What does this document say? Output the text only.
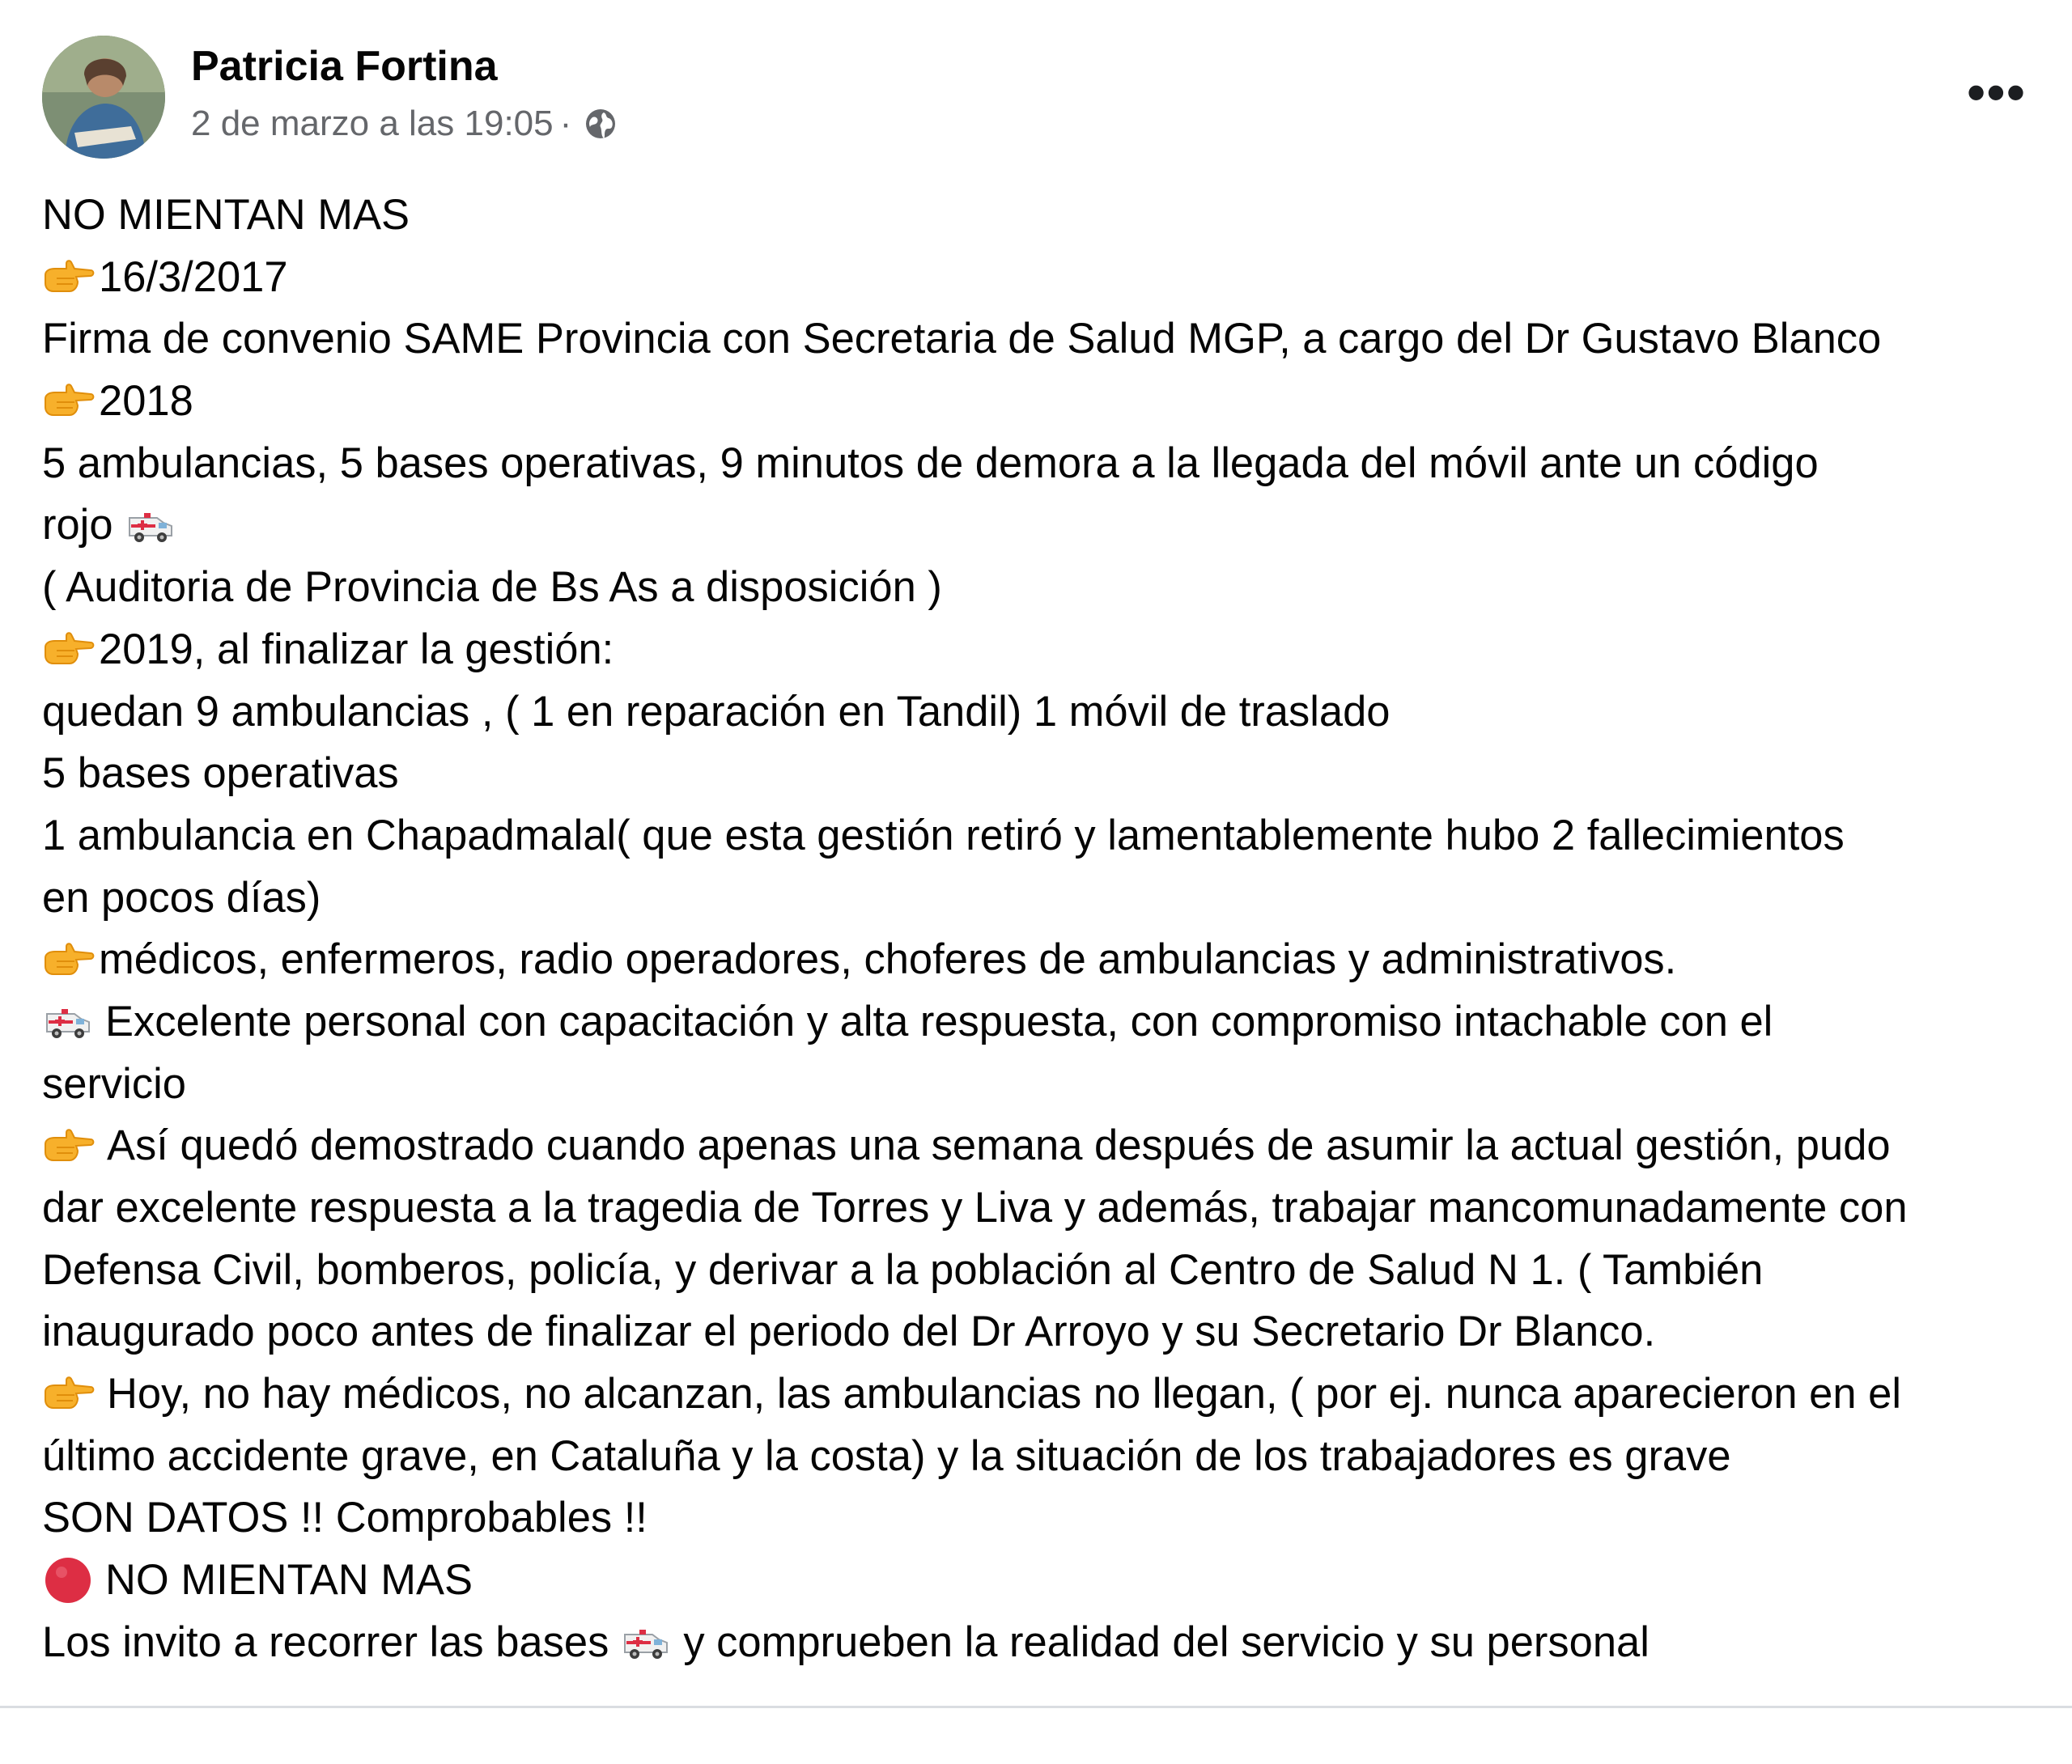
Patricia Fortina
2 de marzo a las 19:05 ·
•••
NO MIENTAN MAS
16/3/2017
Firma de convenio SAME Provincia con Secretaria de Salud MGP, a cargo del Dr Gustavo Blanco
2018
5 ambulancias, 5 bases operativas, 9 minutos de demora a la llegada del móvil ante un código
rojo
( Auditoria de Provincia de Bs As a disposición )
2019, al finalizar la gestión:
quedan 9 ambulancias , ( 1 en reparación en Tandil) 1 móvil de traslado
5 bases operativas
1 ambulancia en Chapadmalal( que esta gestión retiró y lamentablemente hubo 2 fallecimientos
en pocos días)
médicos, enfermeros, radio operadores, choferes de ambulancias y administrativos.
Excelente personal con capacitación y alta respuesta, con compromiso intachable con el
servicio
Así quedó demostrado cuando apenas una semana después de asumir la actual gestión, pudo
dar excelente respuesta a la tragedia de Torres y Liva y además, trabajar mancomunadamente con
Defensa Civil, bomberos, policía, y derivar a la población al Centro de Salud N 1. ( También
inaugurado poco antes de finalizar el periodo del Dr Arroyo y su Secretario Dr Blanco.
Hoy, no hay médicos, no alcanzan, las ambulancias no llegan, ( por ej. nunca aparecieron en el
último accidente grave, en Cataluña y la costa) y la situación de los trabajadores es grave
SON DATOS !! Comprobables !!
NO MIENTAN MAS
Los invito a recorrer las bases y comprueben la realidad del servicio y su personal
